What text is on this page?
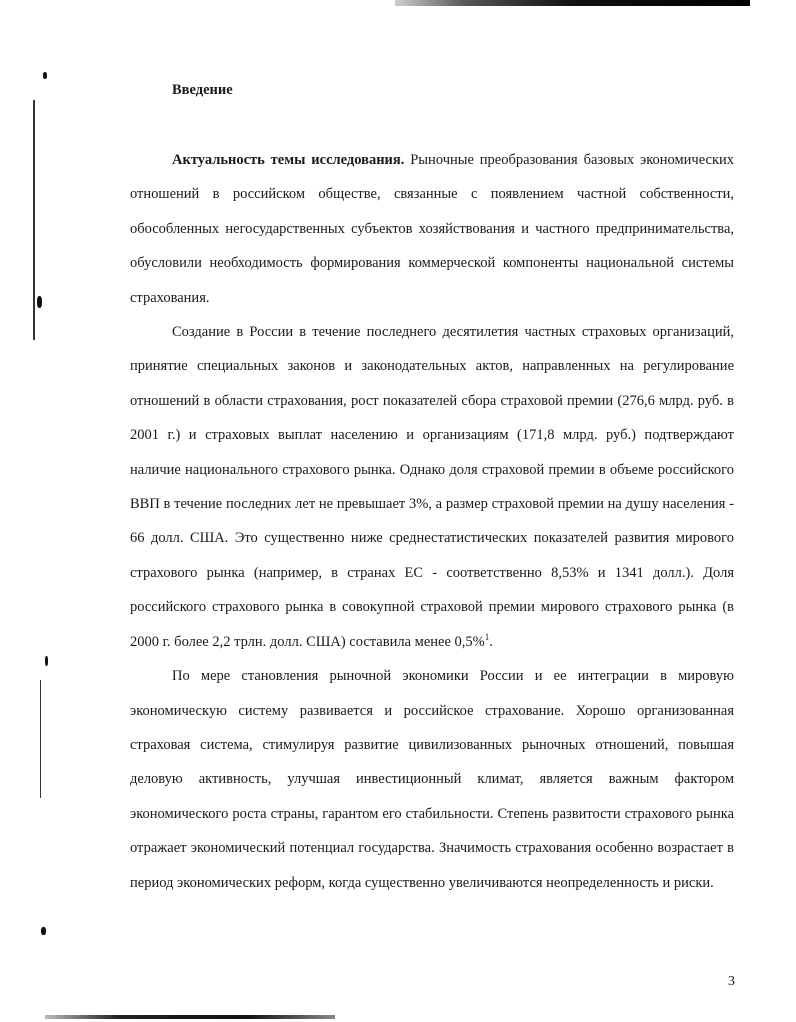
Введение

Актуальность темы исследования. Рыночные преобразования базовых экономических отношений в российском обществе, связанные с появлением частной собственности, обособленных негосударственных субъектов хозяйствования и частного предпринимательства, обусловили необходимость формирования коммерческой компоненты национальной системы страхования.

Создание в России в течение последнего десятилетия частных страховых организаций, принятие специальных законов и законодательных актов, направленных на регулирование отношений в области страхования, рост показателей сбора страховой премии (276,6 млрд. руб. в 2001 г.) и страховых выплат населению и организациям (171,8 млрд. руб.) подтверждают наличие национального страхового рынка. Однако доля страховой премии в объеме российского ВВП в течение последних лет не превышает 3%, а размер страховой премии на душу населения - 66 долл. США. Это существенно ниже среднестатистических показателей развития мирового страхового рынка (например, в странах ЕС - соответственно 8,53% и 1341 долл.). Доля российского страхового рынка в совокупной страховой премии мирового страхового рынка (в 2000 г. более 2,2 трлн. долл. США) составила менее 0,5%$^1$.

По мере становления рыночной экономики России и ее интеграции в мировую экономическую систему развивается и российское страхование. Хорошо организованная страховая система, стимулируя развитие цивилизованных рыночных отношений, повышая деловую активность, улучшая инвестиционный климат, является важным фактором экономического роста страны, гарантом его стабильности. Степень развитости страхового рынка отражает экономический потенциал государства. Значимость страхования особенно возрастает в период экономических реформ, когда существенно увеличиваются неопределенность и риски.

3
